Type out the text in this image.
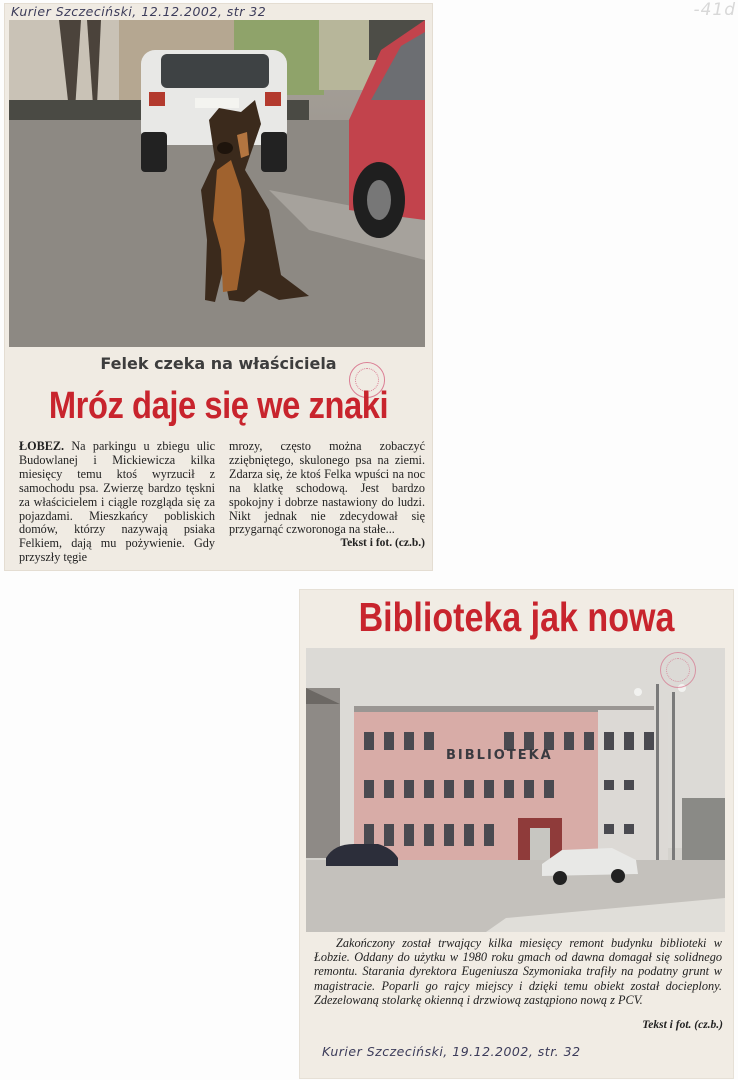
-41d
Kurier Szczeciński, 12.12.2002, str 32
Felek czeka na właściciela
Mróz daje się we znaki

ŁOBEZ. Na parkingu u zbiegu ulic Budowlanej i Mickiewicza kilka miesięcy temu ktoś wyrzucił z samochodu psa. Zwierzę bardzo tęskni za właścicielem i ciągle rozgląda się za pojazdami. Mieszkańcy pobliskich domów, którzy nazywają psiaka Felkiem, dają mu pożywienie. Gdy przyszły tęgie

mrozy, często można zobaczyć zziębniętego, skulonego psa na ziemi. Zdarza się, że ktoś Felka wpuści na noc na klatkę schodową. Jest bardzo spokojny i dobrze nastawiony do ludzi. Nikt jednak nie zdecydował się przygarnąć czworonoga na stałe...

Tekst i fot. (cz.b.)
Biblioteka jak nowa
BIBLIOTEKA

Zakończony został trwający kilka miesięcy remont budynku biblioteki w Łobzie. Oddany do użytku w 1980 roku gmach od dawna domagał się solidnego remontu. Starania dyrektora Eugeniusza Szymoniaka trafiły na podatny grunt w magistracie. Poparli go rajcy miejscy i dzięki temu obiekt został docieplony. Zdezelowaną stolarkę okienną i drzwiową zastąpiono nową z PCV.

Tekst i fot. (cz.b.)
Kurier Szczeciński, 19.12.2002, str. 32
